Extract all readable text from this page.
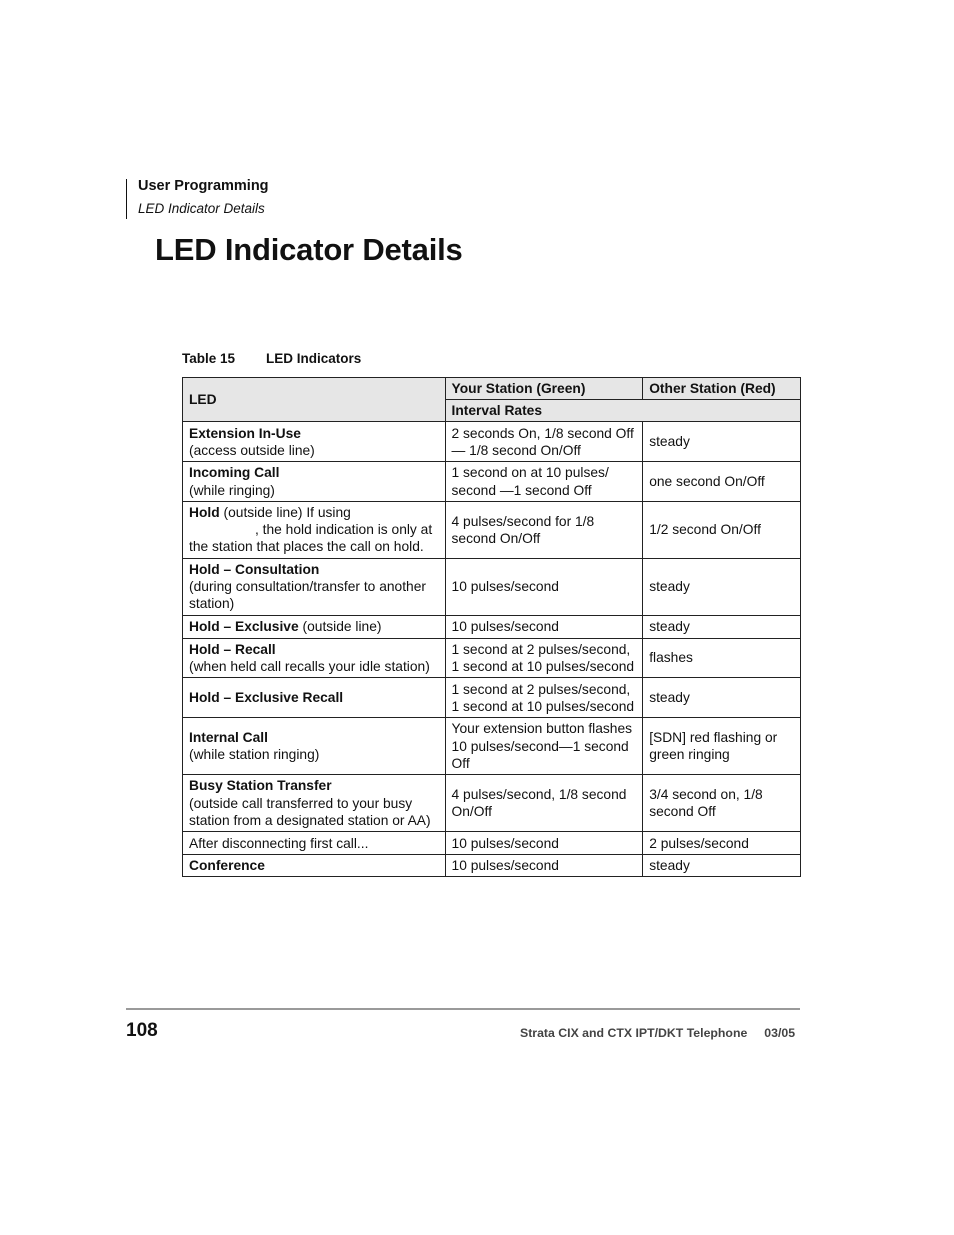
User Programming
LED Indicator Details
LED Indicator Details
Table 15 LED Indicators
LED	Your Station (Green)	Other Station (Red)
	Interval Rates	
Extension In-Use
(access outside line)	2 seconds On, 1/8 second Off — 1/8 second On/Off	steady
Incoming Call
(while ringing)	1 second on at 10 pulses/ second —1 second Off	one second On/Off
Hold (outside line) If using
, the hold indication is only at the station that places the call on hold.	4 pulses/second for 1/8 second On/Off	1/2 second On/Off
Hold – Consultation
(during consultation/transfer to another station)	10 pulses/second	steady
Hold – Exclusive (outside line)	10 pulses/second	steady
Hold – Recall
(when held call recalls your idle station)	1 second at 2 pulses/second, 1 second at 10 pulses/second	flashes
Hold – Exclusive Recall	1 second at 2 pulses/second, 1 second at 10 pulses/second	steady
Internal Call
(while station ringing)	Your extension button flashes 10 pulses/second—1 second Off	[SDN] red flashing or green ringing
Busy Station Transfer
(outside call transferred to your busy station from a designated station or AA)	4 pulses/second, 1/8 second On/Off	3/4 second on, 1/8 second Off
After disconnecting first call...	10 pulses/second	2 pulses/second
Conference	10 pulses/second	steady
108	Strata CIX and CTX IPT/DKT Telephone 03/05
